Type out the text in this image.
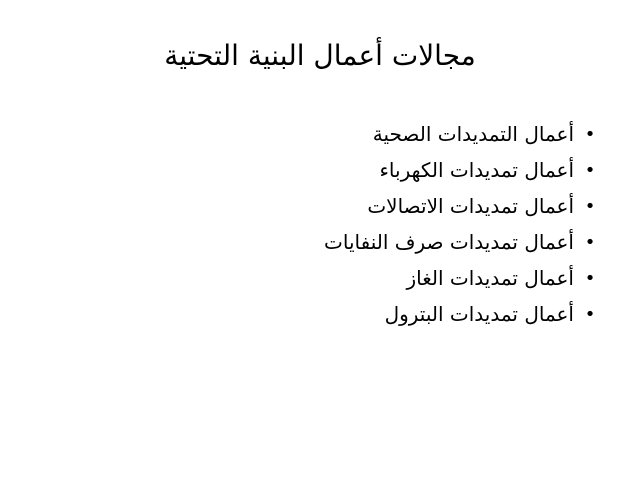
مجالات أعمال البنية التحتية
•
أعمال التمديدات الصحية
•
أعمال تمديدات الكهرباء
•
أعمال تمديدات الاتصالات
•
أعمال تمديدات صرف النفايات
•
أعمال تمديدات الغاز
•
أعمال تمديدات البترول
